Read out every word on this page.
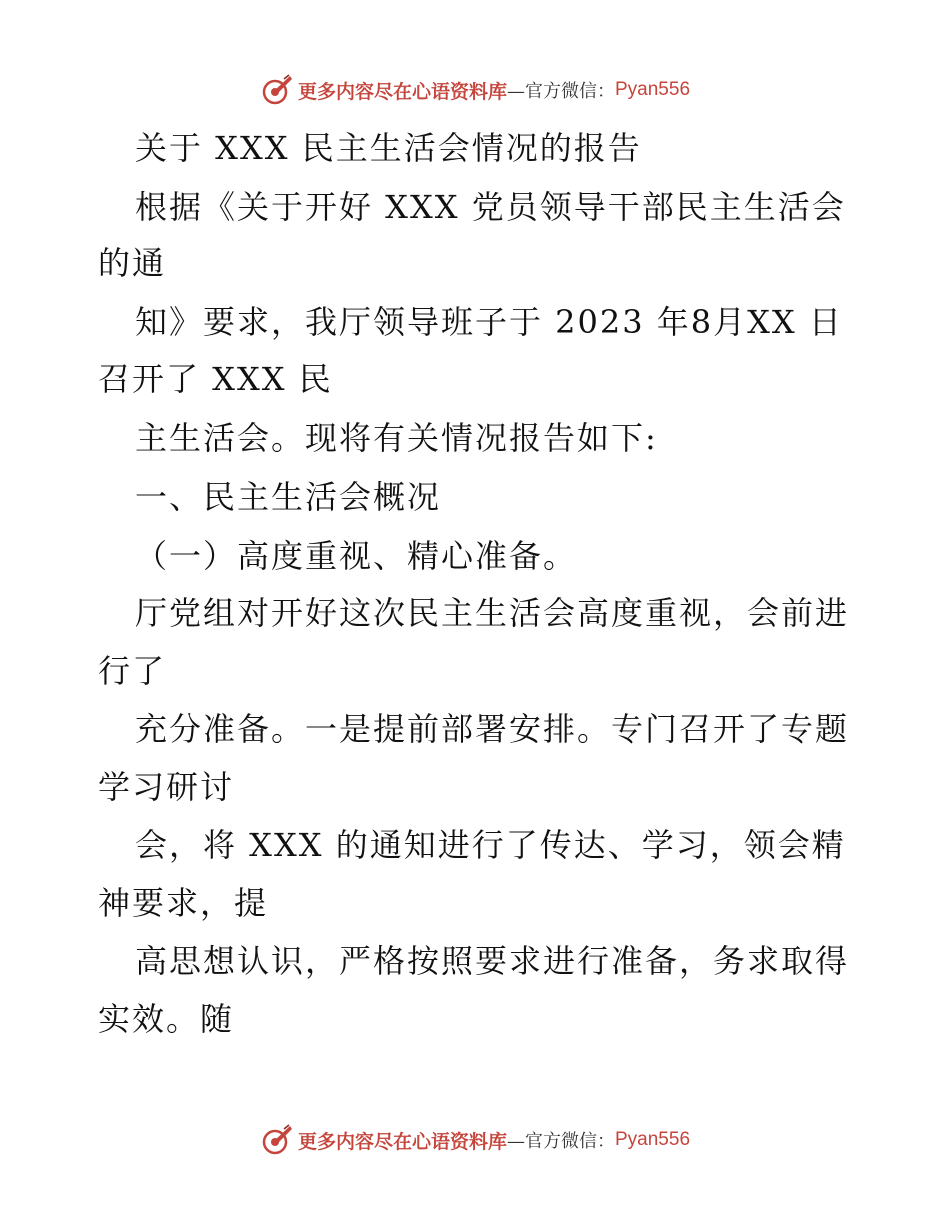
更多内容尽在心语资料库 —官方微信： Pyan556
关于 XXX 民主生活会情况的报告
根据《关于开好 XXX 党员领导干部民主生活会
的通
知》要求，我厅领导班子于 2023 年8月XX 日
召开了 XXX 民
主生活会。现将有关情况报告如下:
一、民主生活会概况
（一）高度重视、精心准备。
厅党组对开好这次民主生活会高度重视，会前进
行了
充分准备。一是提前部署安排。专门召开了专题
学习研讨
会，将 XXX 的通知进行了传达、学习，领会精
神要求，提
高思想认识，严格按照要求进行准备，务求取得
实效。随
更多内容尽在心语资料库 —官方微信： Pyan556
